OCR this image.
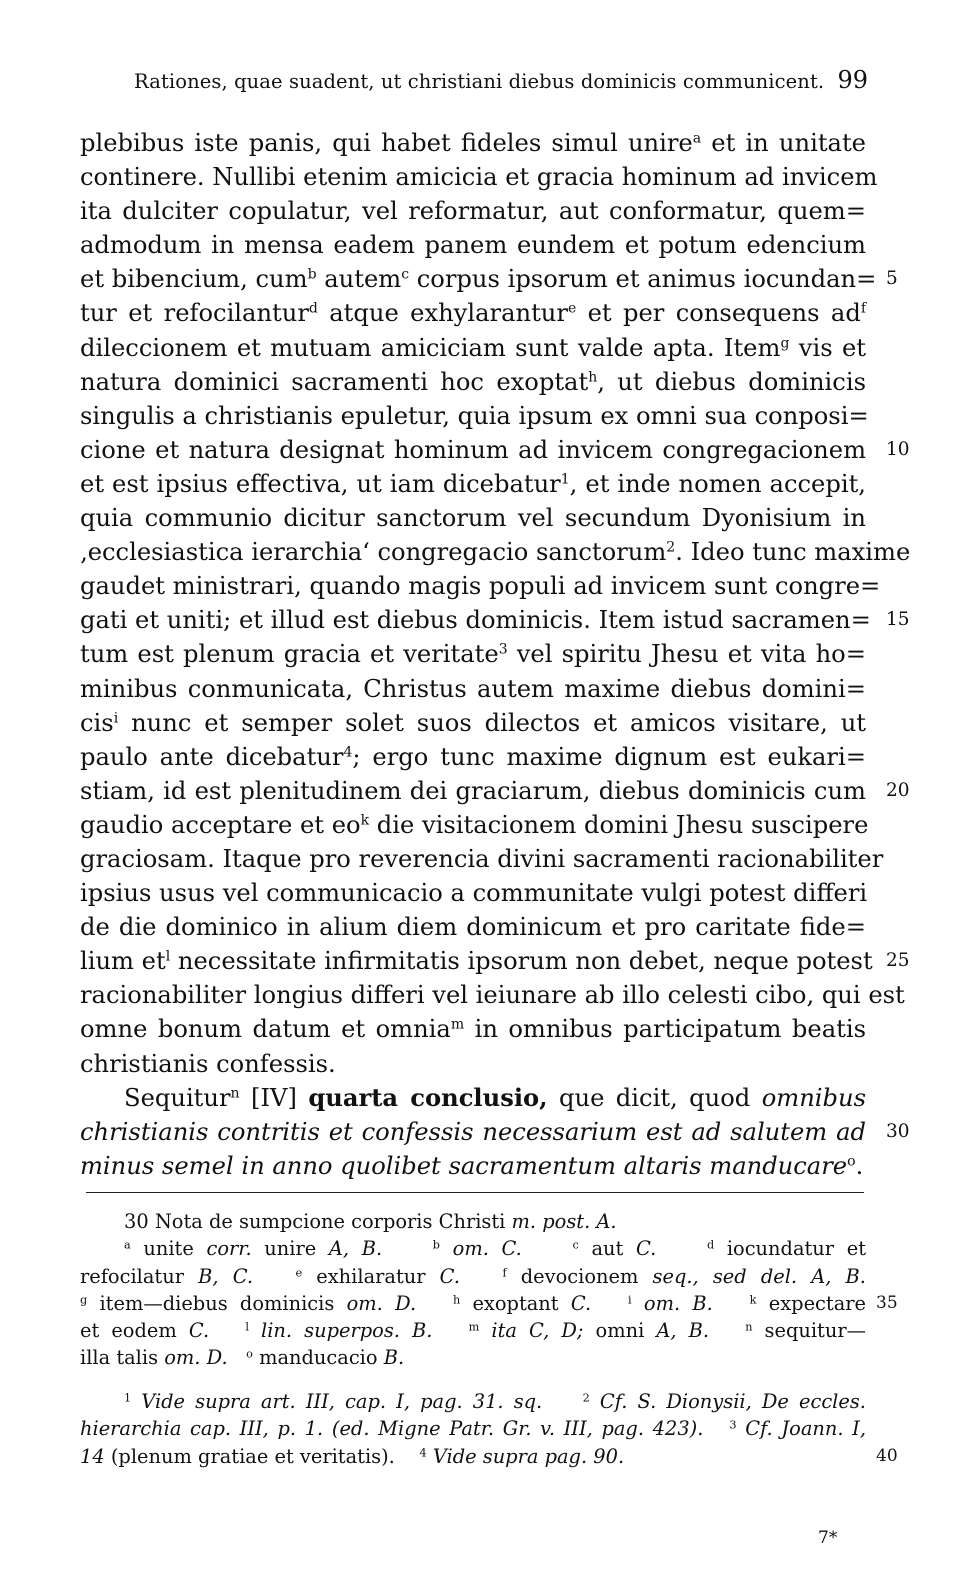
Rationes, quae suadent, ut christiani diebus dominicis communicent. 99
plebibus iste panis, qui habet fideles simul unire$^a$ et in unitate
continere. Nullibi etenim amicicia et gracia hominum ad invicem
ita dulciter copulatur, vel reformatur, aut conformatur, quem=
admodum in mensa eadem panem eundem et potum edencium
et bibencium, cum$^b$ autem$^c$ corpus ipsorum et animus iocundan= 5
tur et refocilantur$^d$ atque exhylarantur$^e$ et per consequens $ad^f$
dileccionem et mutuam amiciciam sunt valde apta. Item$^g$ vis et
natura dominici sacramenti hoc exoptat$^h$, ut diebus dominicis
singulis a christianis epuletur, quia ipsum ex omni sua conposi=
cione et natura designat hominum ad invicem congregacionem 10
et est ipsius effectiva, ut iam dicebatur$^1$, et inde nomen accepit,
quia communio dicitur sanctorum vel secundum Dyonisium in
‚ecclesiastica ierarchia‘ congregacio sanctorum$^2$. Ideo tunc maxime
gaudet ministrari, quando magis populi ad invicem sunt congre=
gati et uniti; et illud est diebus dominicis. Item istud sacramen= 15
tum est plenum gracia et veritate$^3$ vel spiritu Jhesu et vita ho=
minibus conmunicata, Christus autem maxime diebus domini=
cis$^i$ nunc et semper solet suos dilectos et amicos visitare, ut
paulo ante dicebatur$^4$; ergo tunc maxime dignum est eukari=
stiam, id est plenitudinem dei graciarum, diebus dominicis cum 20
gaudio acceptare et $eo^k$ die visitacionem domini Jhesu suscipere
graciosam. Itaque pro reverencia divini sacramenti racionabiliter
ipsius usus vel communicacio a communitate vulgi potest differi
de die dominico in alium diem dominicum et pro caritate fide=
lium $et^l$ necessitate infirmitatis ipsorum non debet, neque potest 25
racionabiliter longius differi vel ieiunare ab illo celesti cibo, qui est
omne bonum datum et omnia$^m$ in omnibus participatum beatis
christianis confessis.
Sequitur$^n$ [IV] quarta conclusio, que dicit, quod omnibus
christianis contritis et confessis necessarium est ad salutem ad 30
minus semel in anno quolibet sacramentum altaris manducare$^o$.
30 Nota de sumpcione corporis Christi m. post. A.
$^a$ unite corr. unire A, B.	$^b$ om. C.	$^c$ aut C.	$^d$ iocundatur et
refocilatur B, C.	$^e$ exhilaratur C.	$^f$ devocionem seq., sed del. A, B.
$^g$ item—diebus dominicis om. D.	$^h$ exoptant C.	$^i$ om. B.	$^k$ expectare 35
et eodem C.	$^l$ lin. superpos. B.	$^m$ ita C, D; omni A, B.	$^n$ sequitur—
illa talis om. D. $^o$ manducacio B.
$^1$ Vide supra art. III, cap. I, pag. 31. sq.	$^2$ Cf. S. Dionysii, De eccles.
hierarchia cap. III, p. 1. (ed. Migne Patr. Gr. v. III, pag. 423). $^3$ Cf. Joann. I,
14 (plenum gratiae et veritatis).    $^4$ Vide supra pag. 90.	40
7*
